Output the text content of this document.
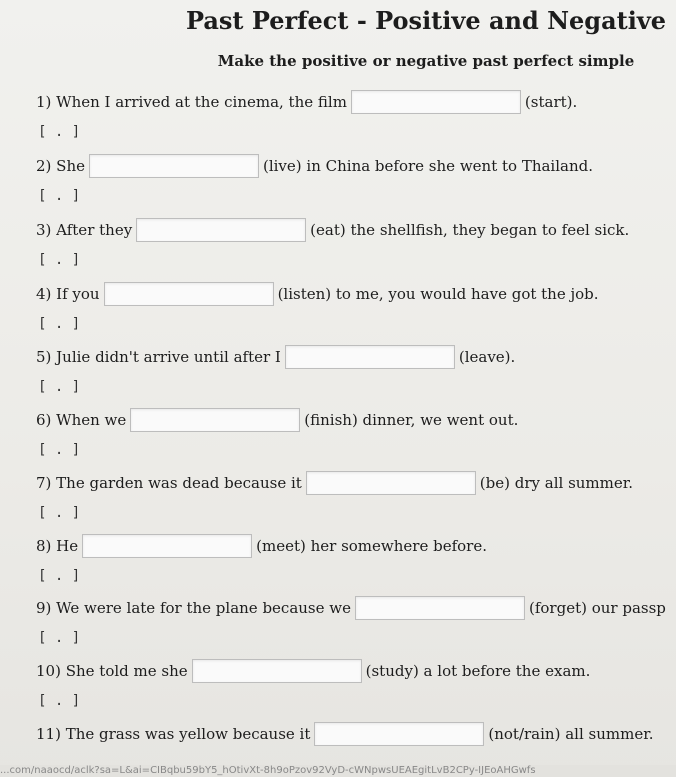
Past Perfect - Positive and Negative
Make the positive or negative past perfect simple
1) When I arrived at the cinema, the film	(start).
[ . ]
2) She	(live) in China before she went to Thailand.
[ . ]
3) After they	(eat) the shellfish, they began to feel sick.
[ . ]
4) If you	(listen) to me, you would have got the job.
[ . ]
5) Julie didn't arrive until after I	(leave).
[ . ]
6) When we	(finish) dinner, we went out.
[ . ]
7) The garden was dead because it	(be) dry all summer.
[ . ]
8) He	(meet) her somewhere before.
[ . ]
9) We were late for the plane because we	(forget) our passp
[ . ]
10) She told me she	(study) a lot before the exam.
[ . ]
11) The grass was yellow because it	(not/rain) all summer.
...com/naaocd/aclk?sa=L&ai=CIBqbu59bY5_hOtivXt-8h9oPzov92VyD-cWNpwsUEAEgitLvB2CPy-IJEoAHGwfs
